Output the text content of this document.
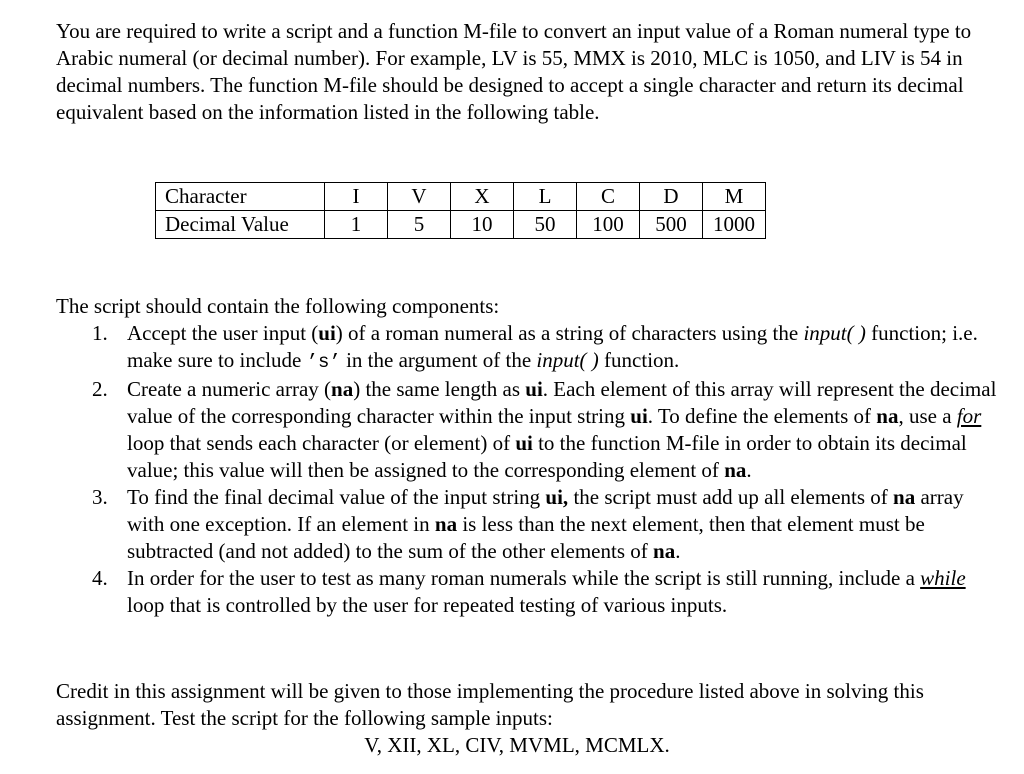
You are required to write a script and a function M-file to convert an input value of a Roman numeral type to Arabic numeral (or decimal number). For example, LV is 55, MMX is 2010, MLC is 1050, and LIV is 54 in decimal numbers. The function M-file should be designed to accept a single character and return its decimal equivalent based on the information listed in the following table.

Character	I	V	X	L	C	D	M
Decimal Value	1	5	10	50	100	500	1000

The script should contain the following components:

1. Accept the user input (ui) of a roman numeral as a string of characters using the input( ) function; i.e. make sure to include ’s’ in the argument of the input( ) function.
2. Create a numeric array (na) the same length as ui. Each element of this array will represent the decimal value of the corresponding character within the input string ui. To define the elements of na, use a for loop that sends each character (or element) of ui to the function M-file in order to obtain its decimal value; this value will then be assigned to the corresponding element of na.
3. To find the final decimal value of the input string ui, the script must add up all elements of na array with one exception. If an element in na is less than the next element, then that element must be subtracted (and not added) to the sum of the other elements of na.
4. In order for the user to test as many roman numerals while the script is still running, include a while loop that is controlled by the user for repeated testing of various inputs.

Credit in this assignment will be given to those implementing the procedure listed above in solving this assignment. Test the script for the following sample inputs:

V, XII, XL, CIV, MVML, MCMLX.
